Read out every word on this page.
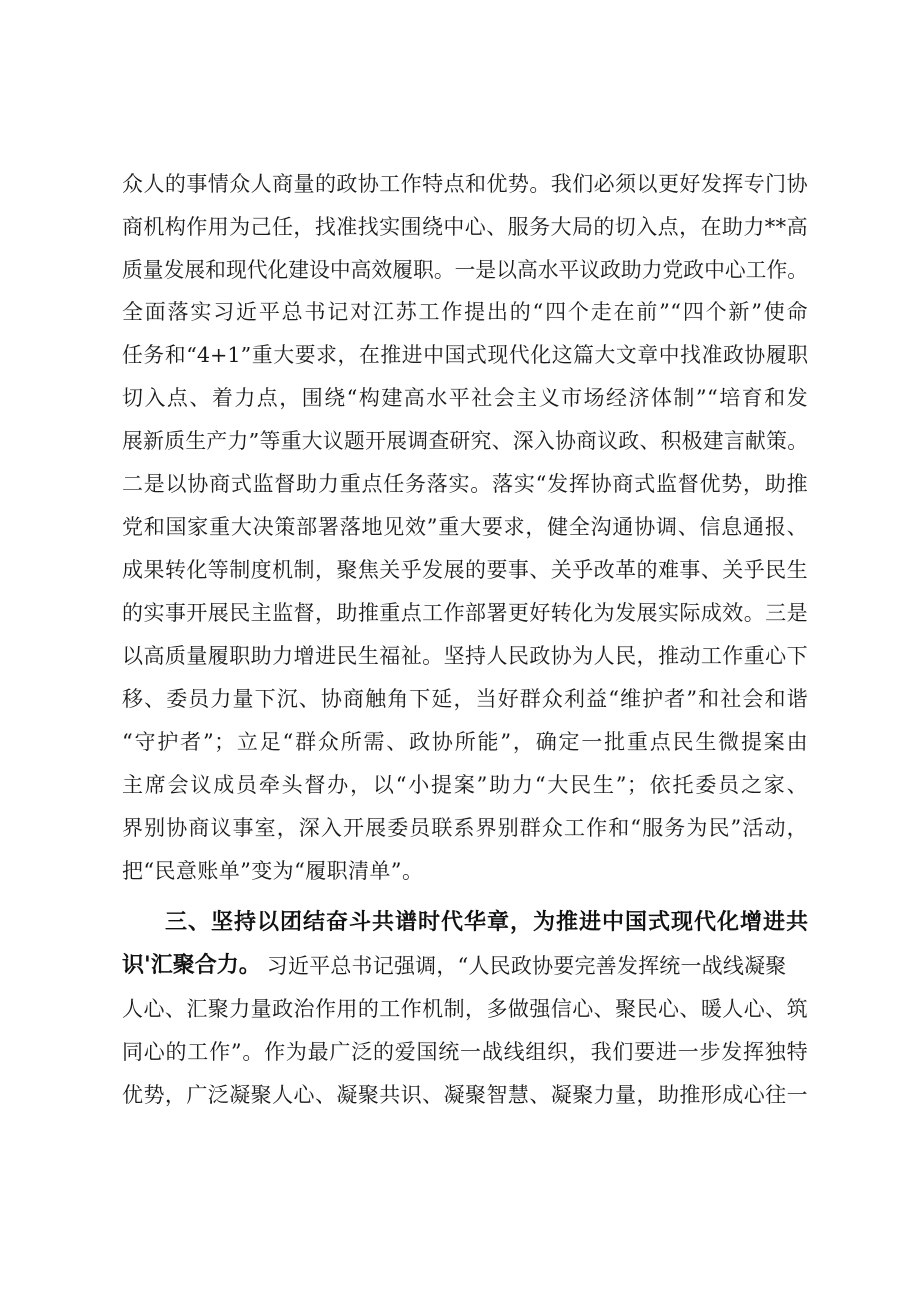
众人的事情众人商量的政协工作特点和优势。我们必须以更好发挥专门协
商机构作用为己任，找准找实围绕中心、服务大局的切入点，在助力**高
质量发展和现代化建设中高效履职。一是以高水平议政助力党政中心工作。
全面落实习近平总书记对江苏工作提出的“四个走在前”“四个新”使命
任务和“4+1”重大要求，在推进中国式现代化这篇大文章中找准政协履职
切入点、着力点，围绕“构建高水平社会主义市场经济体制”“培育和发
展新质生产力”等重大议题开展调查研究、深入协商议政、积极建言献策。
二是以协商式监督助力重点任务落实。落实“发挥协商式监督优势，助推
党和国家重大决策部署落地见效”重大要求，健全沟通协调、信息通报、
成果转化等制度机制，聚焦关乎发展的要事、关乎改革的难事、关乎民生
的实事开展民主监督，助推重点工作部署更好转化为发展实际成效。三是
以高质量履职助力增进民生福祉。坚持人民政协为人民，推动工作重心下
移、委员力量下沉、协商触角下延，当好群众利益“维护者”和社会和谐
“守护者”；立足“群众所需、政协所能”，确定一批重点民生微提案由
主席会议成员牵头督办，以“小提案”助力“大民生”；依托委员之家、
界别协商议事室，深入开展委员联系界别群众工作和“服务为民”活动，
把“民意账单”变为“履职清单”。
三、坚持以团结奋斗共谱时代华章，为推进中国式现代化增进共
识'汇聚合力。 习近平总书记强调，“人民政协要完善发挥统一战线凝聚
人心、汇聚力量政治作用的工作机制，多做强信心、聚民心、暖人心、筑
同心的工作”。作为最广泛的爱国统一战线组织，我们要进一步发挥独特
优势，广泛凝聚人心、凝聚共识、凝聚智慧、凝聚力量，助推形成心往一
